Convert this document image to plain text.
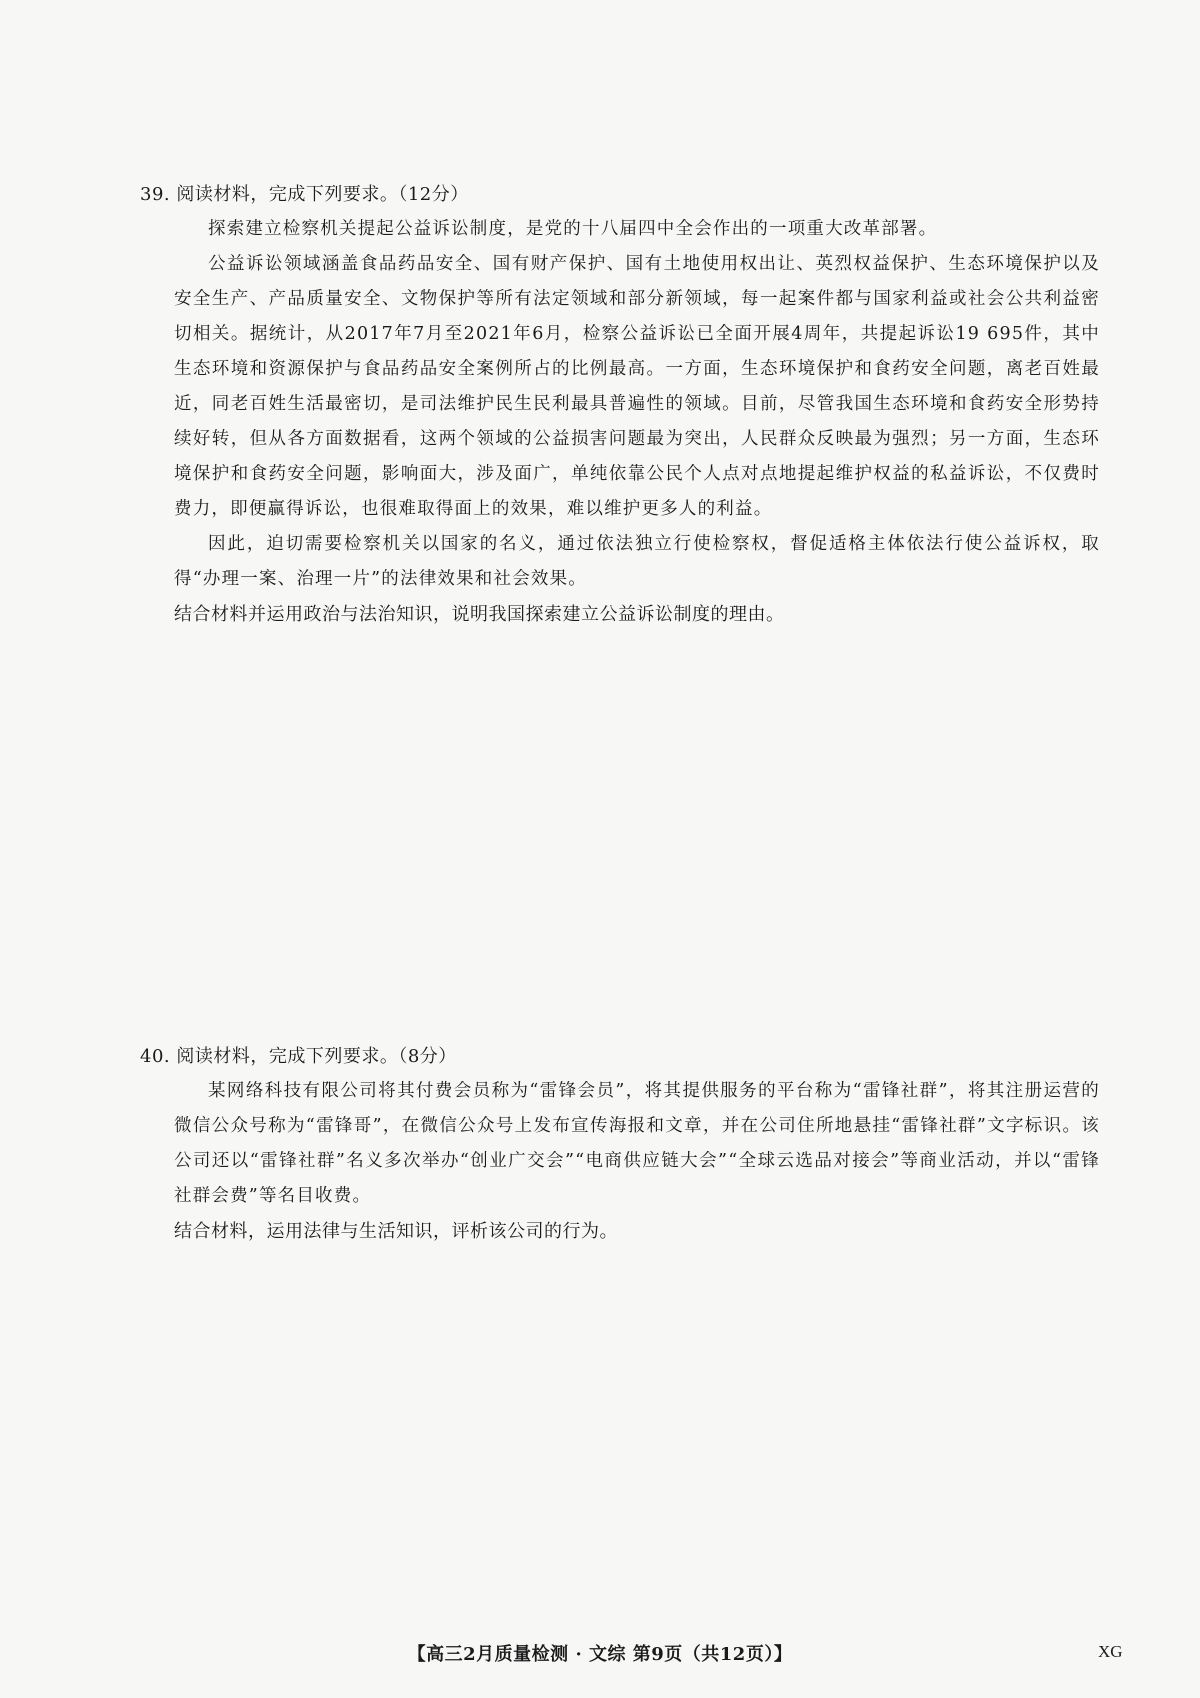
39. 阅读材料，完成下列要求。（12分）

探索建立检察机关提起公益诉讼制度，是党的十八届四中全会作出的一项重大改革部署。

公益诉讼领域涵盖食品药品安全、国有财产保护、国有土地使用权出让、英烈权益保护、生态环境保护以及安全生产、产品质量安全、文物保护等所有法定领域和部分新领域，每一起案件都与国家利益或社会公共利益密切相关。据统计，从2017年7月至2021年6月，检察公益诉讼已全面开展4周年，共提起诉讼19 695件，其中生态环境和资源保护与食品药品安全案例所占的比例最高。一方面，生态环境保护和食药安全问题，离老百姓最近，同老百姓生活最密切，是司法维护民生民利最具普遍性的领域。目前，尽管我国生态环境和食药安全形势持续好转，但从各方面数据看，这两个领域的公益损害问题最为突出，人民群众反映最为强烈；另一方面，生态环境保护和食药安全问题，影响面大，涉及面广，单纯依靠公民个人点对点地提起维护权益的私益诉讼，不仅费时费力，即便赢得诉讼，也很难取得面上的效果，难以维护更多人的利益。

因此，迫切需要检察机关以国家的名义，通过依法独立行使检察权，督促适格主体依法行使公益诉权，取得“办理一案、治理一片”的法律效果和社会效果。

结合材料并运用政治与法治知识，说明我国探索建立公益诉讼制度的理由。

40. 阅读材料，完成下列要求。（8分）

某网络科技有限公司将其付费会员称为“雷锋会员”，将其提供服务的平台称为“雷锋社群”，将其注册运营的微信公众号称为“雷锋哥”，在微信公众号上发布宣传海报和文章，并在公司住所地悬挂“雷锋社群”文字标识。该公司还以“雷锋社群”名义多次举办“创业广交会”“电商供应链大会”“全球云选品对接会”等商业活动，并以“雷锋社群会费”等名目收费。

结合材料，运用法律与生活知识，评析该公司的行为。

【高三2月质量检测 · 文综 第9页（共12页）】	XG
